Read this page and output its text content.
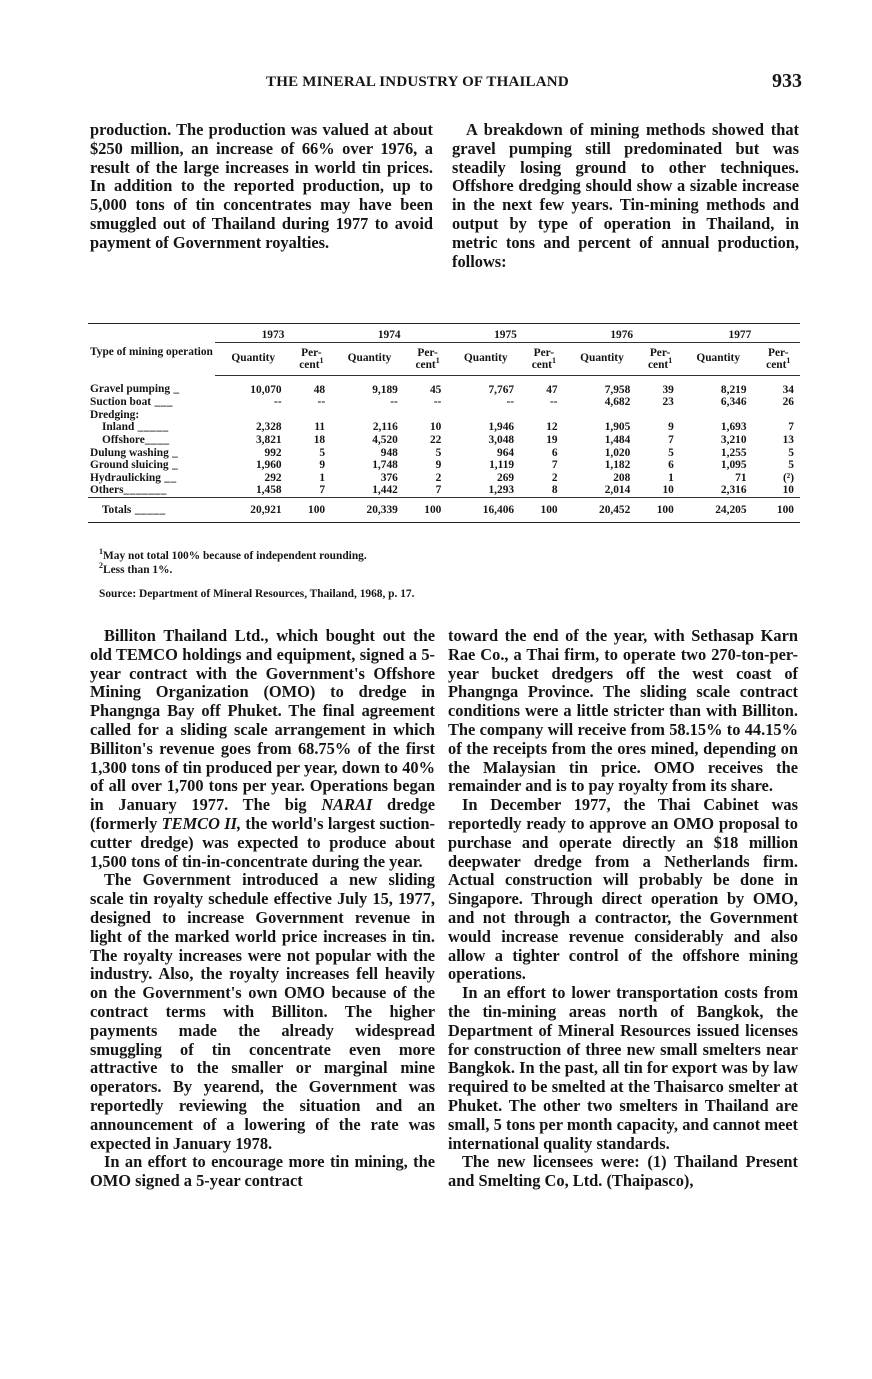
THE MINERAL INDUSTRY OF THAILAND	933

production. The production was valued at about $250 million, an increase of 66% over 1976, a result of the large increases in world tin prices. In addition to the reported production, up to 5,000 tons of tin concentrates may have been smuggled out of Thailand during 1977 to avoid payment of Government royalties.

A breakdown of mining methods showed that gravel pumping still predominated but was steadily losing ground to other techniques. Offshore dredging should show a sizable increase in the next few years. Tin-mining methods and output by type of operation in Thailand, in metric tons and percent of annual production, follows:

Type of mining operation	1973		1974		1975		1976		1977	
	Quantity	Per-
cent$^1$	Quantity	Per-
cent$^1$	Quantity	Per-
cent$^1$	Quantity	Per-
cent$^1$	Quantity	Per-
cent$^1$
Gravel pumping _	10,070	48	9,189	45	7,767	47	7,958	39	8,219	34
Suction boat ___	--	--	--	--	--	--	4,682	23	6,346	26
Dredging:										
Inland _____	2,328	11	2,116	10	1,946	12	1,905	9	1,693	7
Offshore____	3,821	18	4,520	22	3,048	19	1,484	7	3,210	13
Dulung washing _	992	5	948	5	964	6	1,020	5	1,255	5
Ground sluicing _	1,960	9	1,748	9	1,119	7	1,182	6	1,095	5
Hydraulicking __	292	1	376	2	269	2	208	1	71	(²)
Others_______	1,458	7	1,442	7	1,293	8	2,014	10	2,316	10
Totals _____	20,921	100	20,339	100	16,406	100	20,452	100	24,205	100
$^1$May not total 100% because of independent rounding.
$^2$Less than 1%.
Source: Department of Mineral Resources, Thailand, 1968, p. 17.

Billiton Thailand Ltd., which bought out the old TEMCO holdings and equipment, signed a 5-year contract with the Government's Offshore Mining Organization (OMO) to dredge in Phangnga Bay off Phuket. The final agreement called for a sliding scale arrangement in which Billiton's revenue goes from 68.75% of the first 1,300 tons of tin produced per year, down to 40% of all over 1,700 tons per year. Operations began in January 1977. The big NARAI dredge (formerly TEMCO II, the world's largest suction-cutter dredge) was expected to produce about 1,500 tons of tin-in-concentrate during the year.

The Government introduced a new sliding scale tin royalty schedule effective July 15, 1977, designed to increase Government revenue in light of the marked world price increases in tin. The royalty increases were not popular with the industry. Also, the royalty increases fell heavily on the Government's own OMO because of the contract terms with Billiton. The higher payments made the already widespread smuggling of tin concentrate even more attractive to the smaller or marginal mine operators. By yearend, the Government was reportedly reviewing the situation and an announcement of a lowering of the rate was expected in January 1978.

In an effort to encourage more tin mining, the OMO signed a 5-year contract

toward the end of the year, with Sethasap Karn Rae Co., a Thai firm, to operate two 270-ton-per-year bucket dredgers off the west coast of Phangnga Province. The sliding scale contract conditions were a little stricter than with Billiton. The company will receive from 58.15% to 44.15% of the receipts from the ores mined, depending on the Malaysian tin price. OMO receives the remainder and is to pay royalty from its share.

In December 1977, the Thai Cabinet was reportedly ready to approve an OMO proposal to purchase and operate directly an $18 million deepwater dredge from a Netherlands firm. Actual construction will probably be done in Singapore. Through direct operation by OMO, and not through a contractor, the Government would increase revenue considerably and also allow a tighter control of the offshore mining operations.

In an effort to lower transportation costs from the tin-mining areas north of Bangkok, the Department of Mineral Resources issued licenses for construction of three new small smelters near Bangkok. In the past, all tin for export was by law required to be smelted at the Thaisarco smelter at Phuket. The other two smelters in Thailand are small, 5 tons per month capacity, and cannot meet international quality standards.

The new licensees were: (1) Thailand Present and Smelting Co, Ltd. (Thaipasco),
